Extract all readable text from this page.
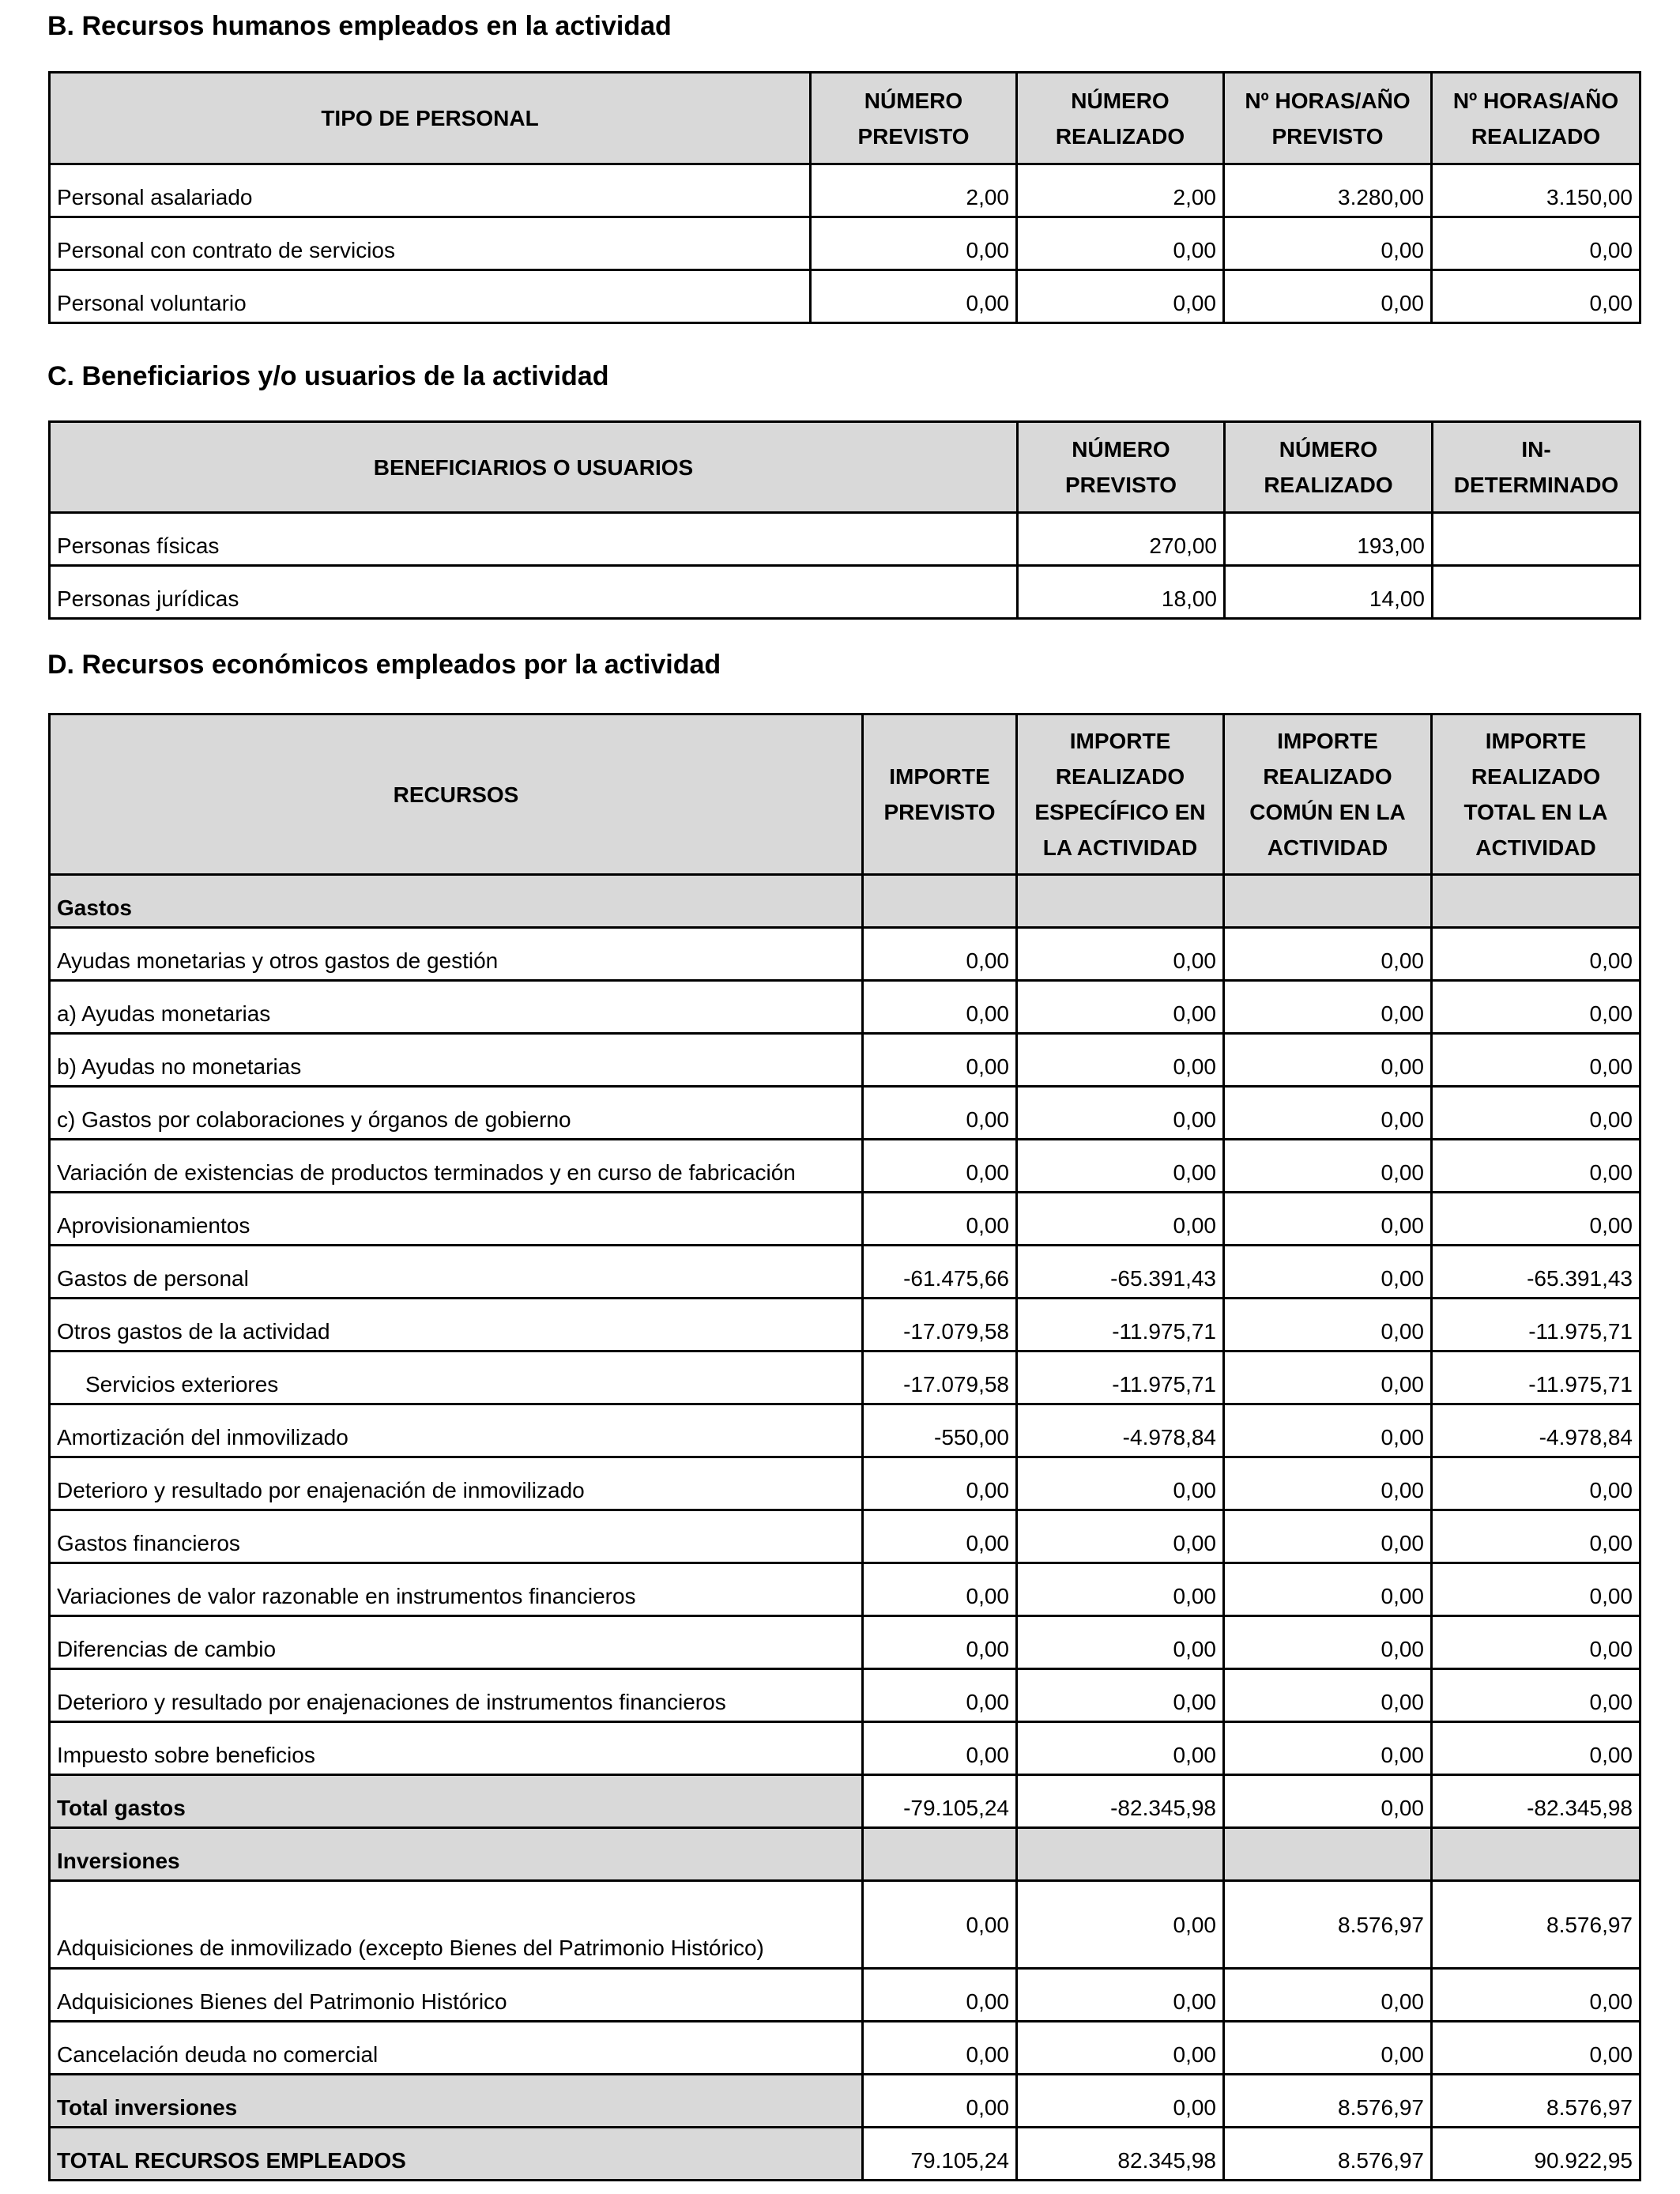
B. Recursos humanos empleados en la actividad
TIPO DE PERSONAL	NÚMERO PREVISTO	NÚMERO REALIZADO	Nº HORAS/AÑO PREVISTO	Nº HORAS/AÑO REALIZADO
Personal asalariado	2,00	2,00	3.280,00	3.150,00
Personal con contrato de servicios	0,00	0,00	0,00	0,00
Personal voluntario	0,00	0,00	0,00	0,00
C. Beneficiarios y/o usuarios de la actividad
BENEFICIARIOS O USUARIOS	NÚMERO PREVISTO	NÚMERO REALIZADO	IN-DETERMINADO
Personas físicas	270,00	193,00	
Personas jurídicas	18,00	14,00	
D. Recursos económicos empleados por la actividad
RECURSOS	IMPORTE PREVISTO	IMPORTE REALIZADO ESPECÍFICO EN LA ACTIVIDAD	IMPORTE REALIZADO COMÚN EN LA ACTIVIDAD	IMPORTE REALIZADO TOTAL EN LA ACTIVIDAD
Gastos				
Ayudas monetarias y otros gastos de gestión	0,00	0,00	0,00	0,00
a) Ayudas monetarias	0,00	0,00	0,00	0,00
b) Ayudas no monetarias	0,00	0,00	0,00	0,00
c) Gastos por colaboraciones y órganos de gobierno	0,00	0,00	0,00	0,00
Variación de existencias de productos terminados y en curso de fabricación	0,00	0,00	0,00	0,00
Aprovisionamientos	0,00	0,00	0,00	0,00
Gastos de personal	-61.475,66	-65.391,43	0,00	-65.391,43
Otros gastos de la actividad	-17.079,58	-11.975,71	0,00	-11.975,71
Servicios exteriores	-17.079,58	-11.975,71	0,00	-11.975,71
Amortización del inmovilizado	-550,00	-4.978,84	0,00	-4.978,84
Deterioro y resultado por enajenación de inmovilizado	0,00	0,00	0,00	0,00
Gastos financieros	0,00	0,00	0,00	0,00
Variaciones de valor razonable en instrumentos financieros	0,00	0,00	0,00	0,00
Diferencias de cambio	0,00	0,00	0,00	0,00
Deterioro y resultado por enajenaciones de instrumentos financieros	0,00	0,00	0,00	0,00
Impuesto sobre beneficios	0,00	0,00	0,00	0,00
Total gastos	-79.105,24	-82.345,98	0,00	-82.345,98
Inversiones				
Adquisiciones de inmovilizado (excepto Bienes del Patrimonio Histórico)	0,00	0,00	8.576,97	8.576,97
Adquisiciones Bienes del Patrimonio Histórico	0,00	0,00	0,00	0,00
Cancelación deuda no comercial	0,00	0,00	0,00	0,00
Total inversiones	0,00	0,00	8.576,97	8.576,97
TOTAL RECURSOS EMPLEADOS	79.105,24	82.345,98	8.576,97	90.922,95
